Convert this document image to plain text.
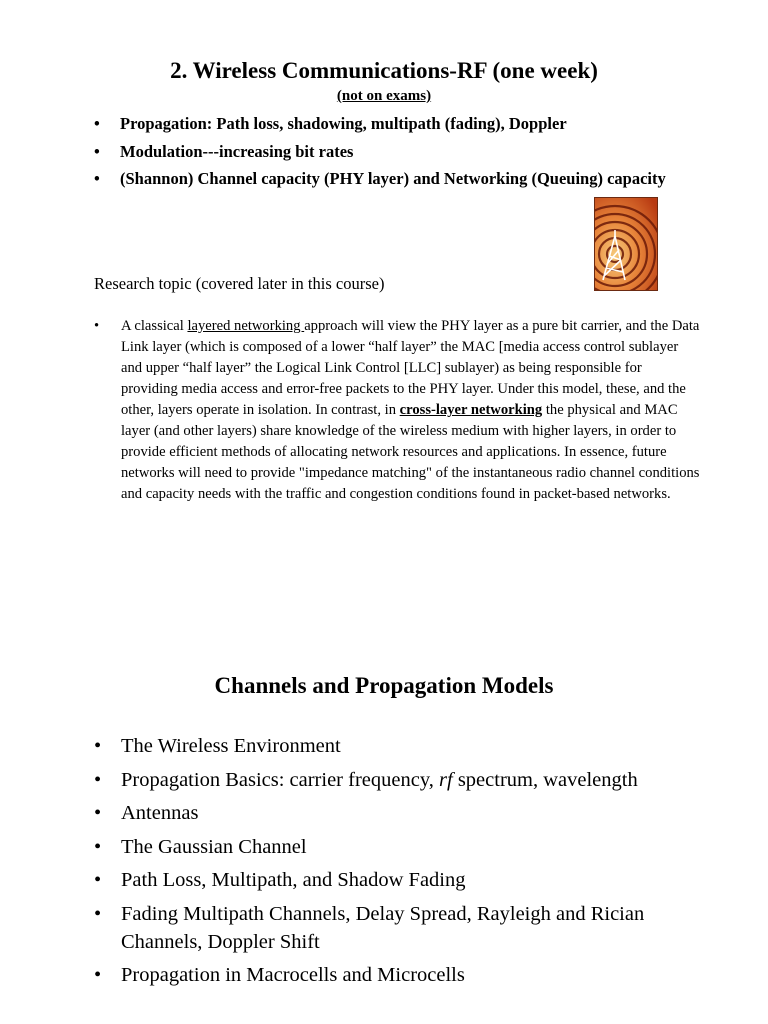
2. Wireless Communications-RF (one week)
(not on exams)
• Propagation: Path loss, shadowing, multipath (fading), Doppler
• Modulation---increasing bit rates
• (Shannon) Channel capacity (PHY layer) and Networking (Queuing) capacity
Research topic (covered later in this course)
• A classical layered networking approach will view the PHY layer as a pure bit carrier, and the Data Link layer (which is composed of a lower “half layer” the MAC [media access control sublayer and upper “half layer” the Logical Link Control [LLC] sublayer) as being responsible for providing media access and error-free packets to the PHY layer. Under this model, these, and the other, layers operate in isolation. In contrast, in cross-layer networking the physical and MAC layer (and other layers) share knowledge of the wireless medium with higher layers, in order to provide efficient methods of allocating network resources and applications. In essence, future networks will need to provide "impedance matching" of the instantaneous radio channel conditions and capacity needs with the traffic and congestion conditions found in packet-based networks.
Channels and Propagation Models
• The Wireless Environment
• Propagation Basics: carrier frequency, rf spectrum, wavelength
• Antennas
• The Gaussian Channel
• Path Loss, Multipath, and Shadow Fading
• Fading Multipath Channels, Delay Spread, Rayleigh and Rician Channels, Doppler Shift
• Propagation in Macrocells and Microcells
